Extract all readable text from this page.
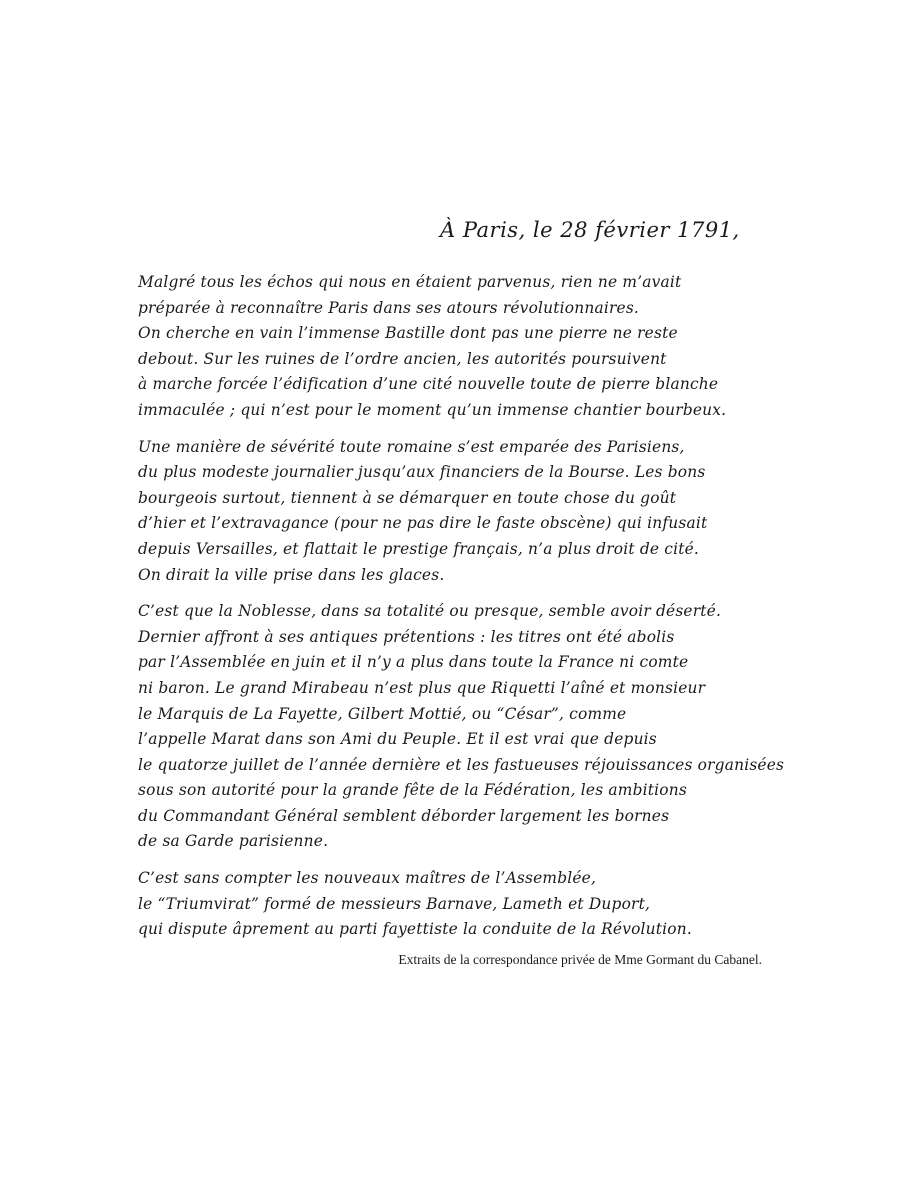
À Paris, le 28 février 1791,
Malgré tous les échos qui nous en étaient parvenus, rien ne m’avait
préparée à reconnaître Paris dans ses atours révolutionnaires.
On cherche en vain l’immense Bastille dont pas une pierre ne reste
debout. Sur les ruines de l’ordre ancien, les autorités poursuivent
à marche forcée l’édification d’une cité nouvelle toute de pierre blanche
immaculée ; qui n’est pour le moment qu’un immense chantier bourbeux.
Une manière de sévérité toute romaine s’est emparée des Parisiens,
du plus modeste journalier jusqu’aux financiers de la Bourse. Les bons
bourgeois surtout, tiennent à se démarquer en toute chose du goût
d’hier et l’extravagance (pour ne pas dire le faste obscène) qui infusait
depuis Versailles, et flattait le prestige français, n’a plus droit de cité.
On dirait la ville prise dans les glaces.
C’est que la Noblesse, dans sa totalité ou presque, semble avoir déserté.
Dernier affront à ses antiques prétentions : les titres ont été abolis
par l’Assemblée en juin et il n’y a plus dans toute la France ni comte
ni baron. Le grand Mirabeau n’est plus que Riquetti l’aîné et monsieur
le Marquis de La Fayette, Gilbert Mottié, ou “César”, comme
l’appelle Marat dans son Ami du Peuple. Et il est vrai que depuis
le quatorze juillet de l’année dernière et les fastueuses réjouissances organisées
sous son autorité pour la grande fête de la Fédération, les ambitions
du Commandant Général semblent déborder largement les bornes
de sa Garde parisienne.
C’est sans compter les nouveaux maîtres de l’Assemblée,
le “Triumvirat” formé de messieurs Barnave, Lameth et Duport,
qui dispute âprement au parti fayettiste la conduite de la Révolution.
Extraits de la correspondance privée de Mme Gormant du Cabanel.
